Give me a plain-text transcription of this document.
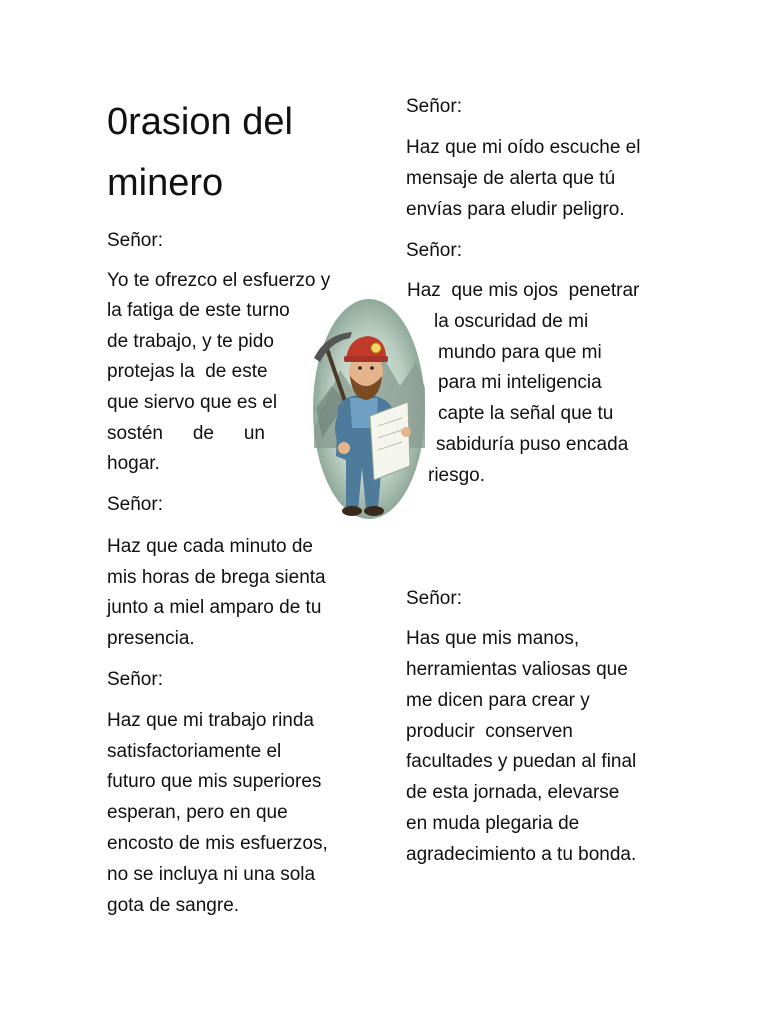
0rasion del
minero
Señor:
Yo te ofrezco el esfuerzo y
la fatiga de este turno
de trabajo, y te pido
protejas la  de este
que siervo que es el
sostén de un
hogar.
Señor:
Haz que cada minuto de
mis horas de brega sienta
junto a miel amparo de tu
presencia.
Señor:
Haz que mi trabajo rinda
satisfactoriamente el
futuro que mis superiores
esperan, pero en que
encosto de mis esfuerzos,
no se incluya ni una sola
gota de sangre.
Señor:
Haz que mi oído escuche el
mensaje de alerta que tú
envías para eludir peligro.
Señor:
Haz  que mis ojos  penetrar
la oscuridad de mi
mundo para que mi
para mi inteligencia
capte la señal que tu
sabiduría puso encada
riesgo.
Señor:
Has que mis manos,
herramientas valiosas que
me dicen para crear y
producir  conserven
facultades y puedan al final
de esta jornada, elevarse
en muda plegaria de
agradecimiento a tu bonda.
